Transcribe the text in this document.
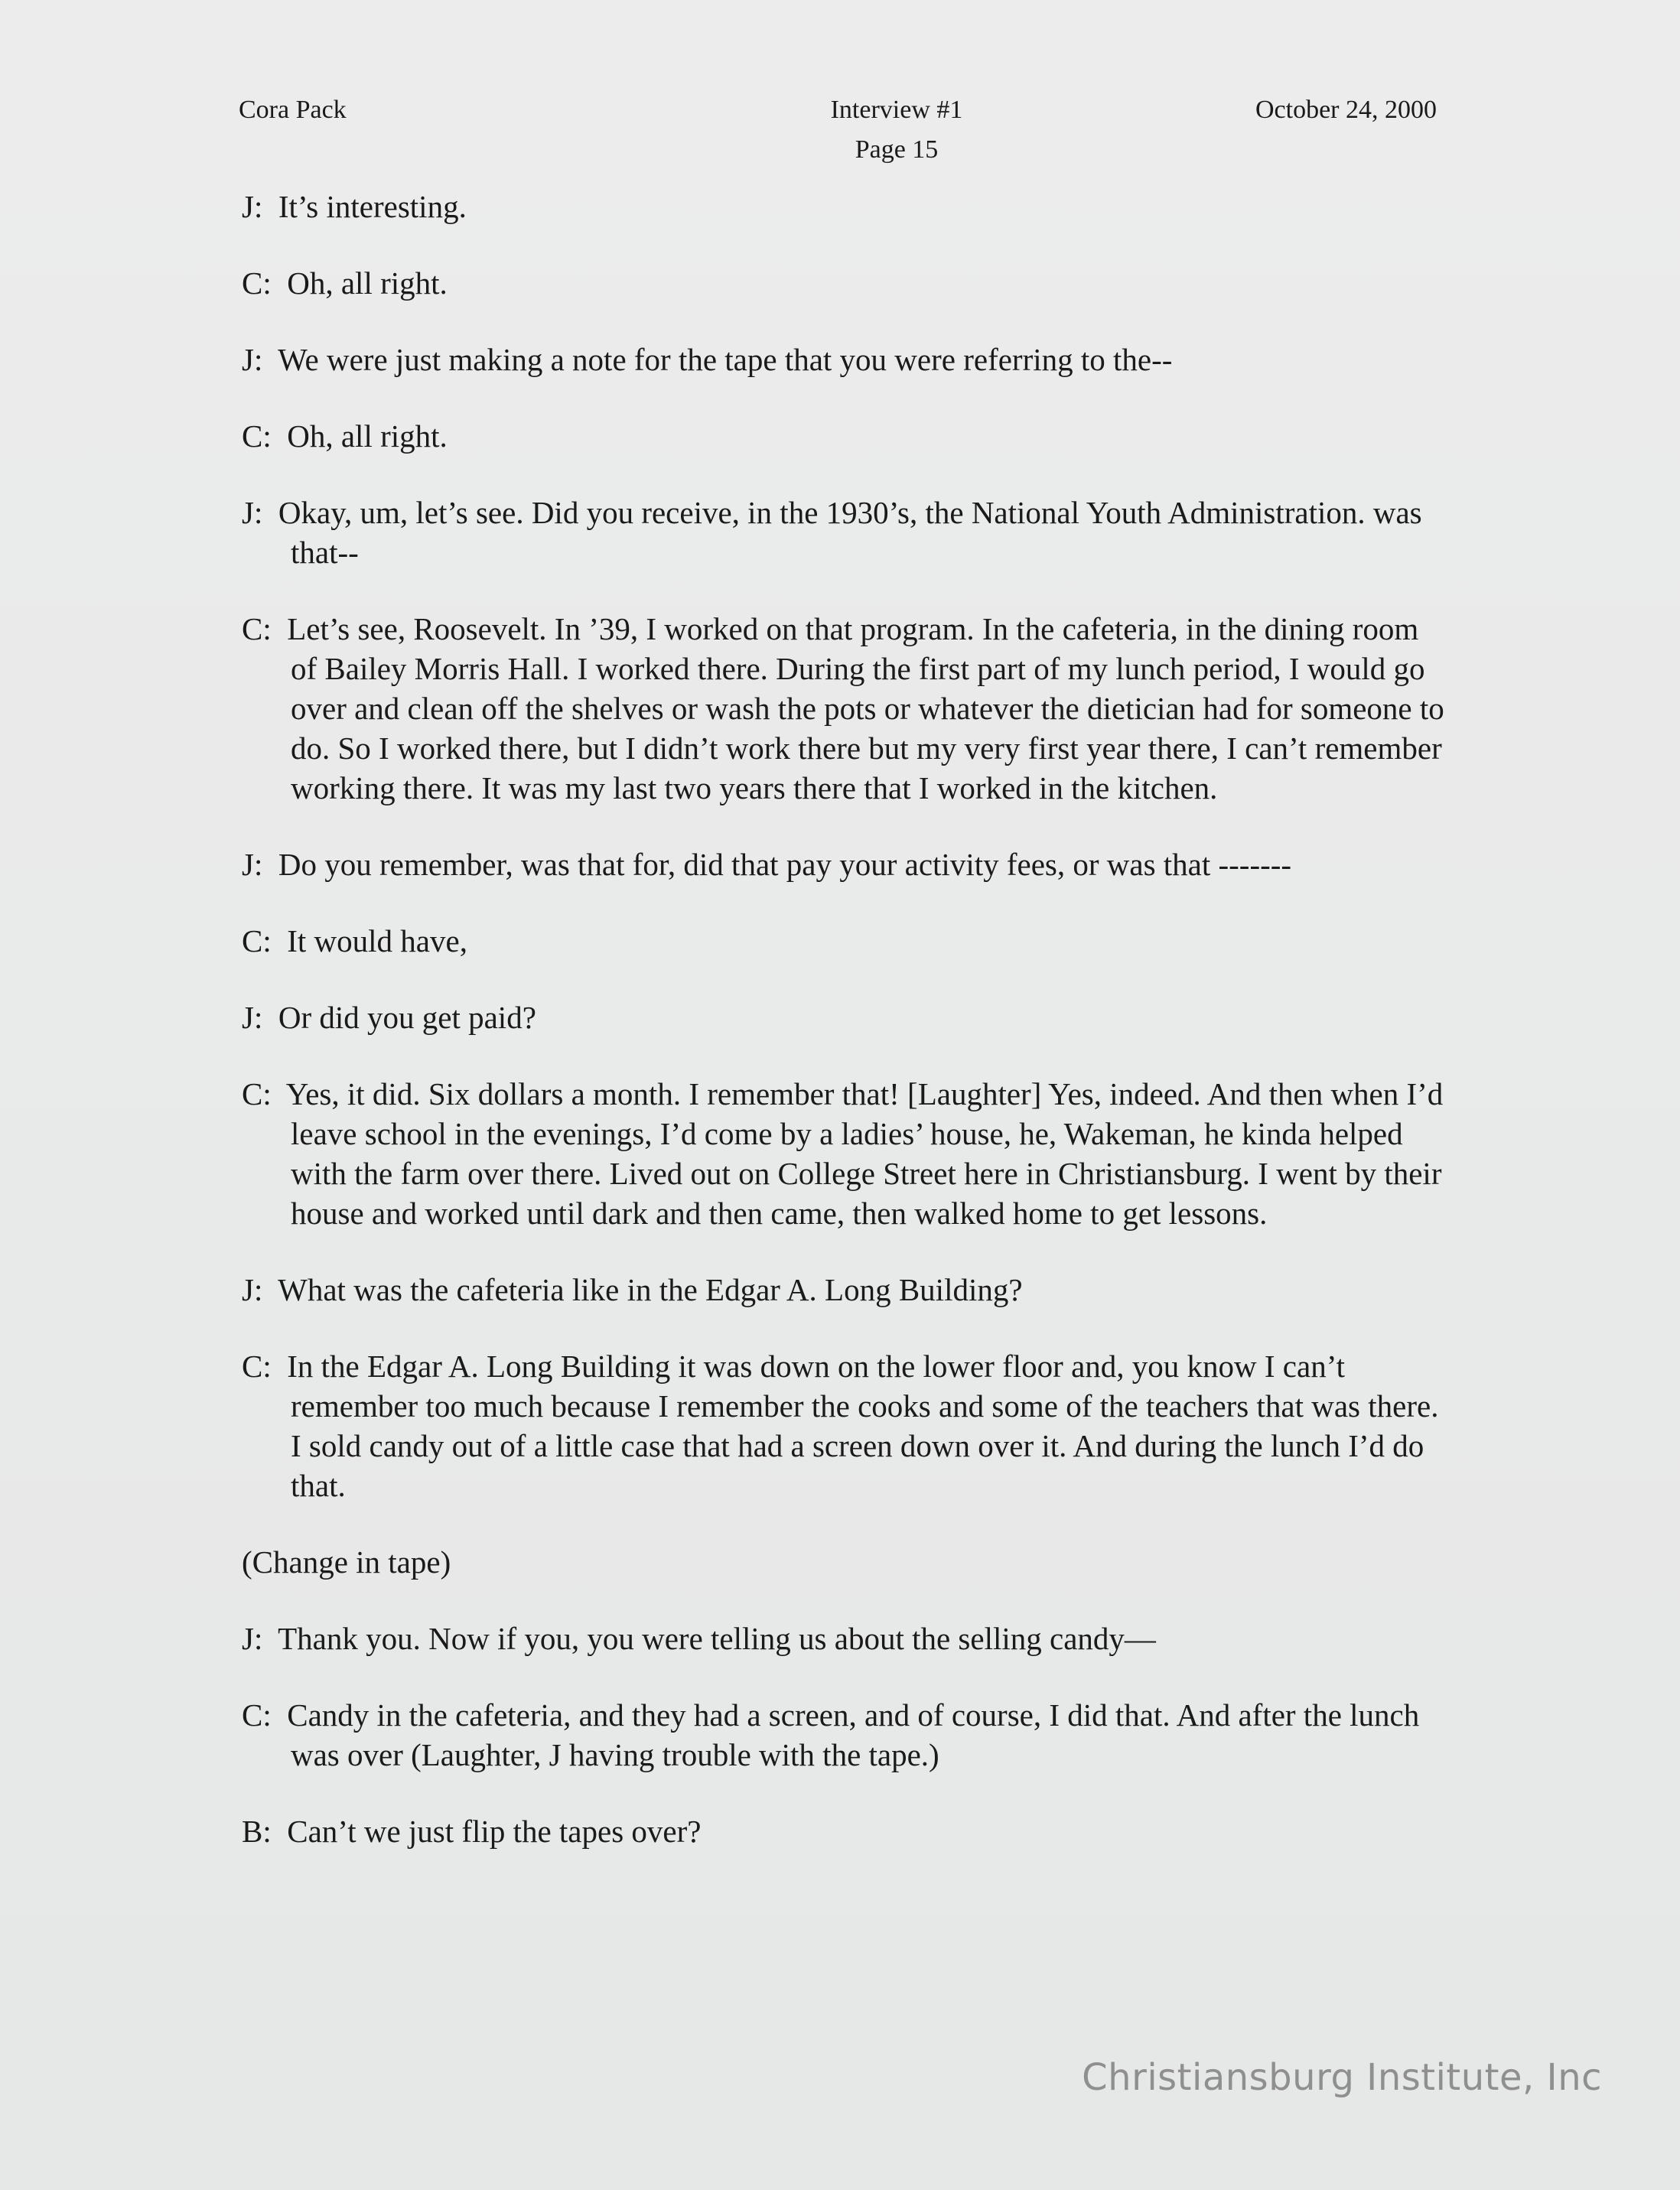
Cora Pack	Interview #1
Page 15
October 24, 2000

J: It’s interesting.

C: Oh, all right.

J: We were just making a note for the tape that you were referring to the--

C: Oh, all right.

J: Okay, um, let’s see. Did you receive, in the 1930’s, the National Youth Administration. was that--

C: Let’s see, Roosevelt. In ’39, I worked on that program. In the cafeteria, in the dining room of Bailey Morris Hall. I worked there. During the first part of my lunch period, I would go over and clean off the shelves or wash the pots or whatever the dietician had for someone to do. So I worked there, but I didn’t work there but my very first year there, I can’t remember working there. It was my last two years there that I worked in the kitchen.

J: Do you remember, was that for, did that pay your activity fees, or was that -------

C: It would have,

J: Or did you get paid?

C: Yes, it did. Six dollars a month. I remember that! [Laughter] Yes, indeed. And then when I’d leave school in the evenings, I’d come by a ladies’ house, he, Wakeman, he kinda helped with the farm over there. Lived out on College Street here in Christiansburg. I went by their house and worked until dark and then came, then walked home to get lessons.

J: What was the cafeteria like in the Edgar A. Long Building?

C: In the Edgar A. Long Building it was down on the lower floor and, you know I can’t remember too much because I remember the cooks and some of the teachers that was there. I sold candy out of a little case that had a screen down over it. And during the lunch I’d do that.

(Change in tape)

J: Thank you. Now if you, you were telling us about the selling candy—

C: Candy in the cafeteria, and they had a screen, and of course, I did that. And after the lunch was over (Laughter, J having trouble with the tape.)

B: Can’t we just flip the tapes over?

Christiansburg Institute, Inc
